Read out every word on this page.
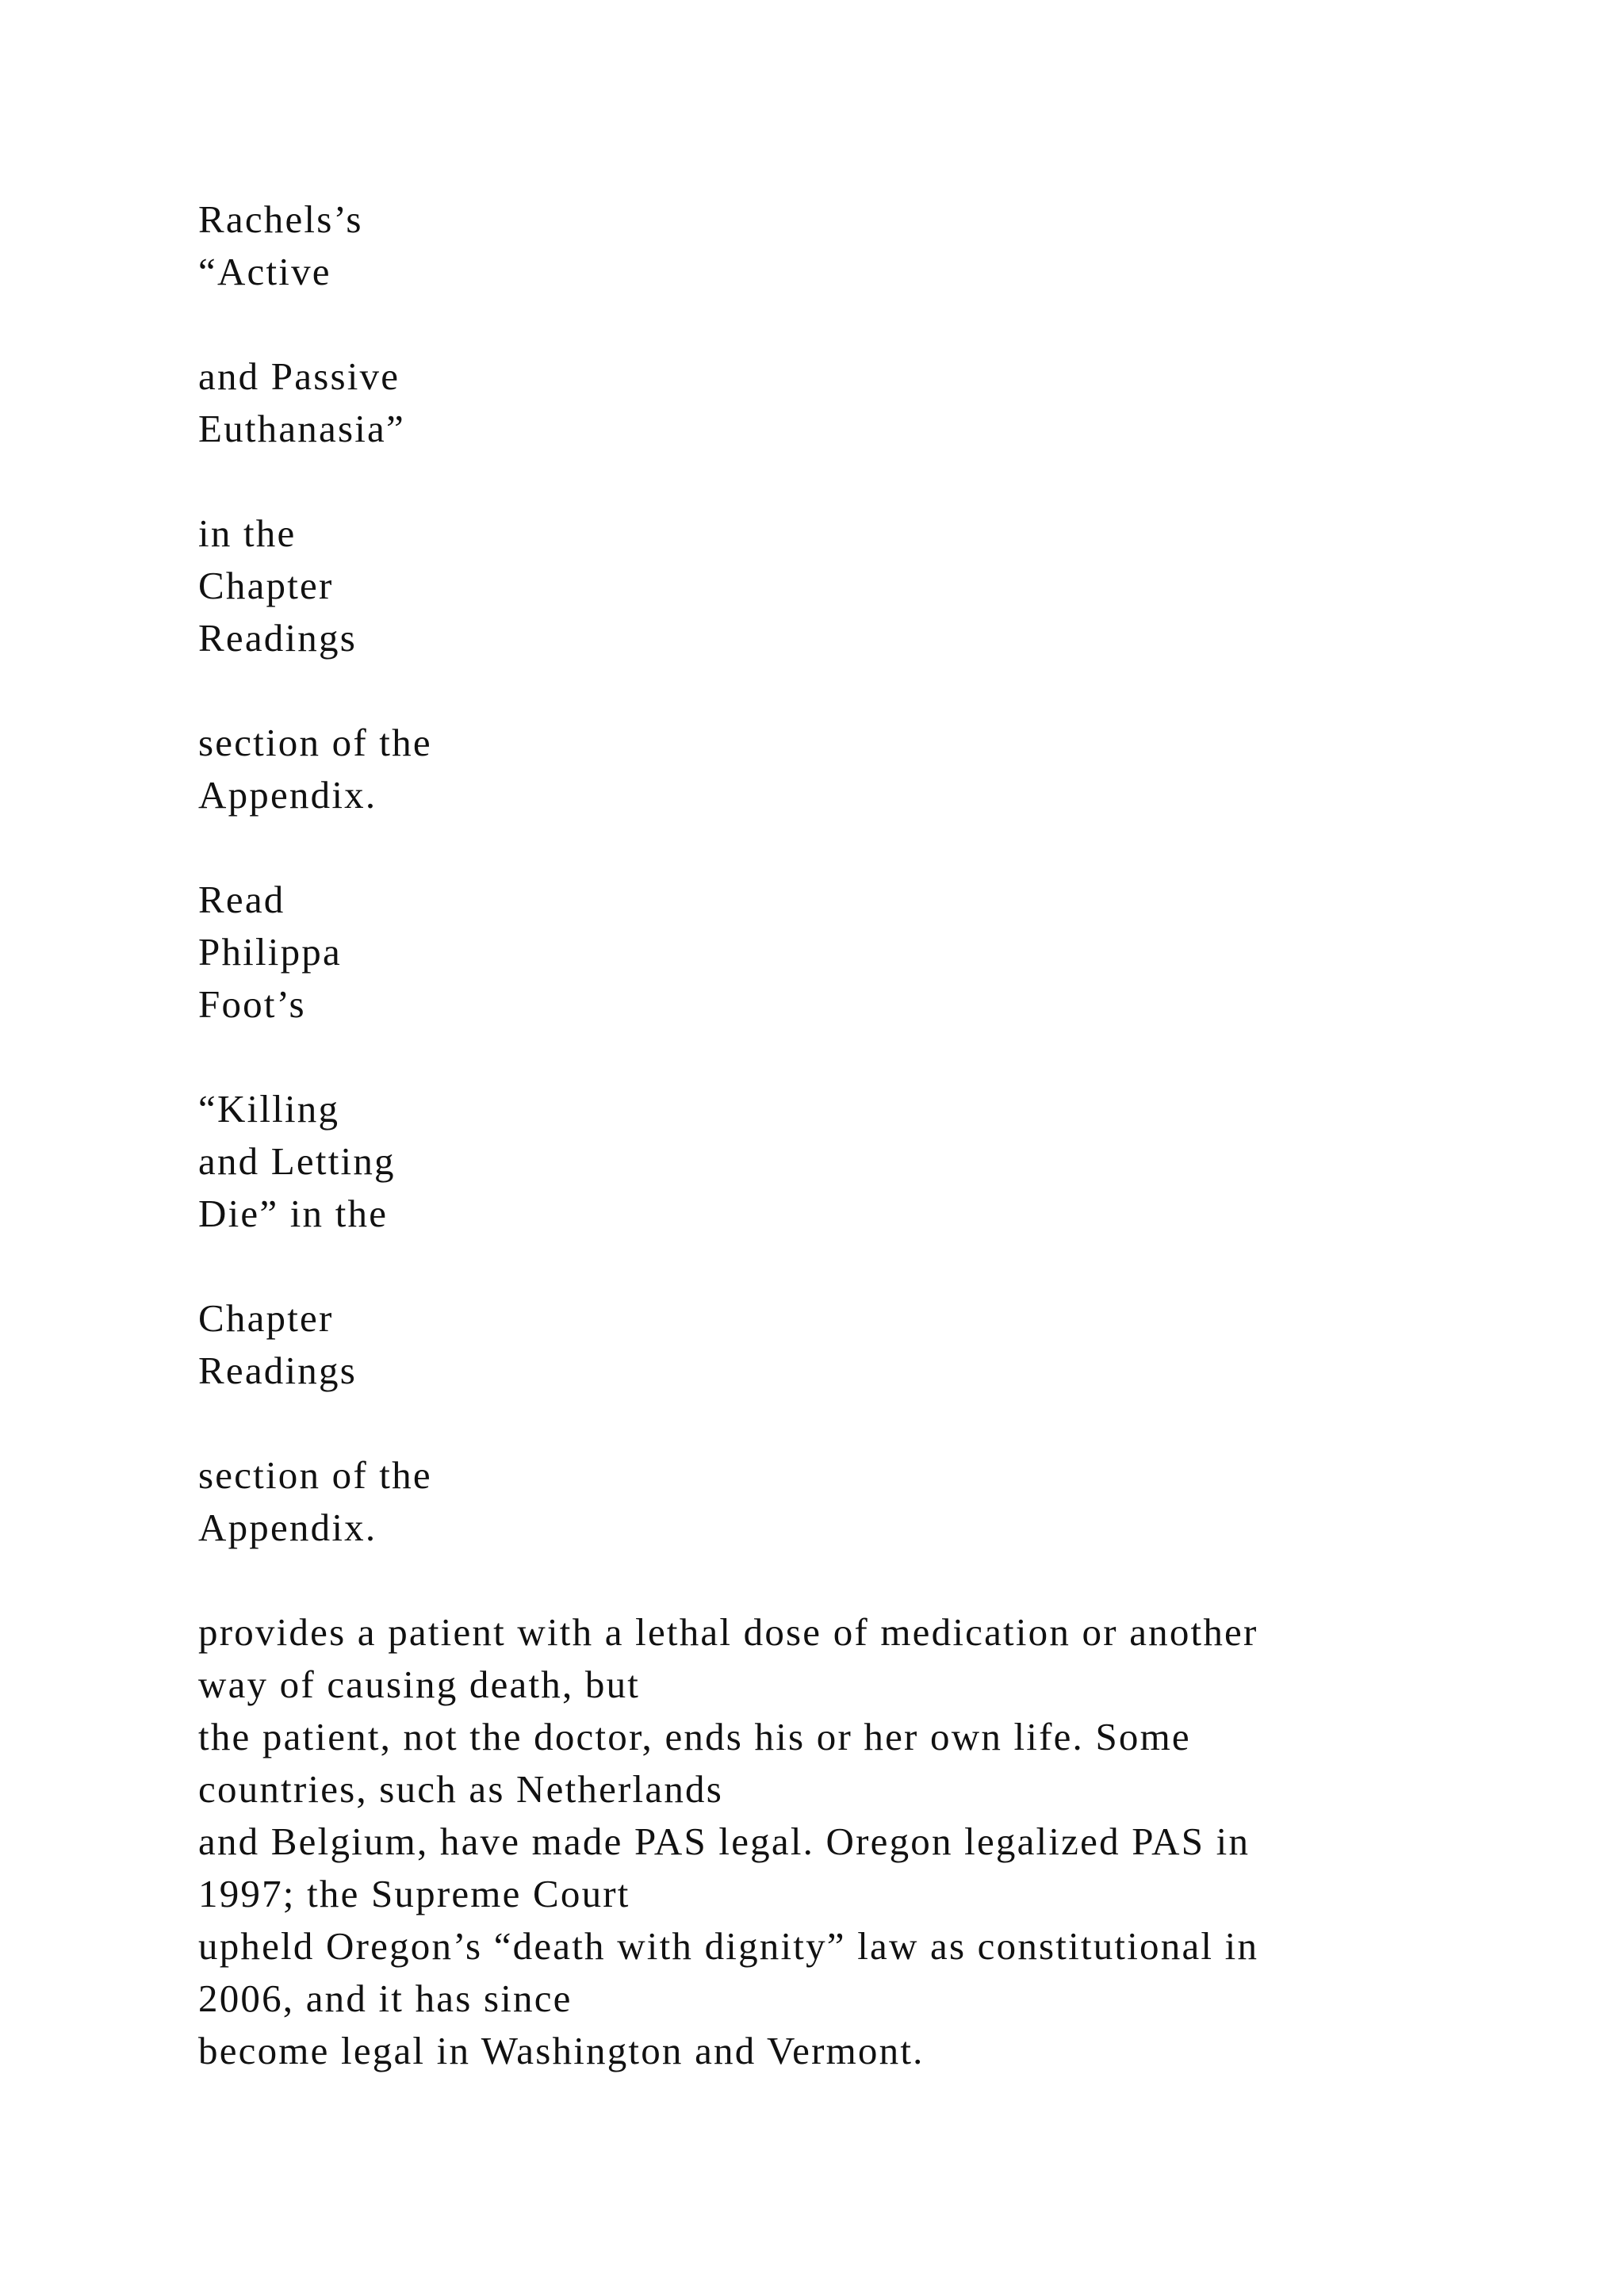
Rachels’s
“Active
and Passive
Euthanasia”
in the
Chapter
Readings
section of the
Appendix.
Read
Philippa
Foot’s
“Killing
and Letting
Die” in the
Chapter
Readings
section of the
Appendix.
provides a patient with a lethal dose of medication or another
way of causing death, but
the patient, not the doctor, ends his or her own life. Some
countries, such as Netherlands
and Belgium, have made PAS legal. Oregon legalized PAS in
1997; the Supreme Court
upheld Oregon’s “death with dignity” law as constitutional in
2006, and it has since
become legal in Washington and Vermont.
